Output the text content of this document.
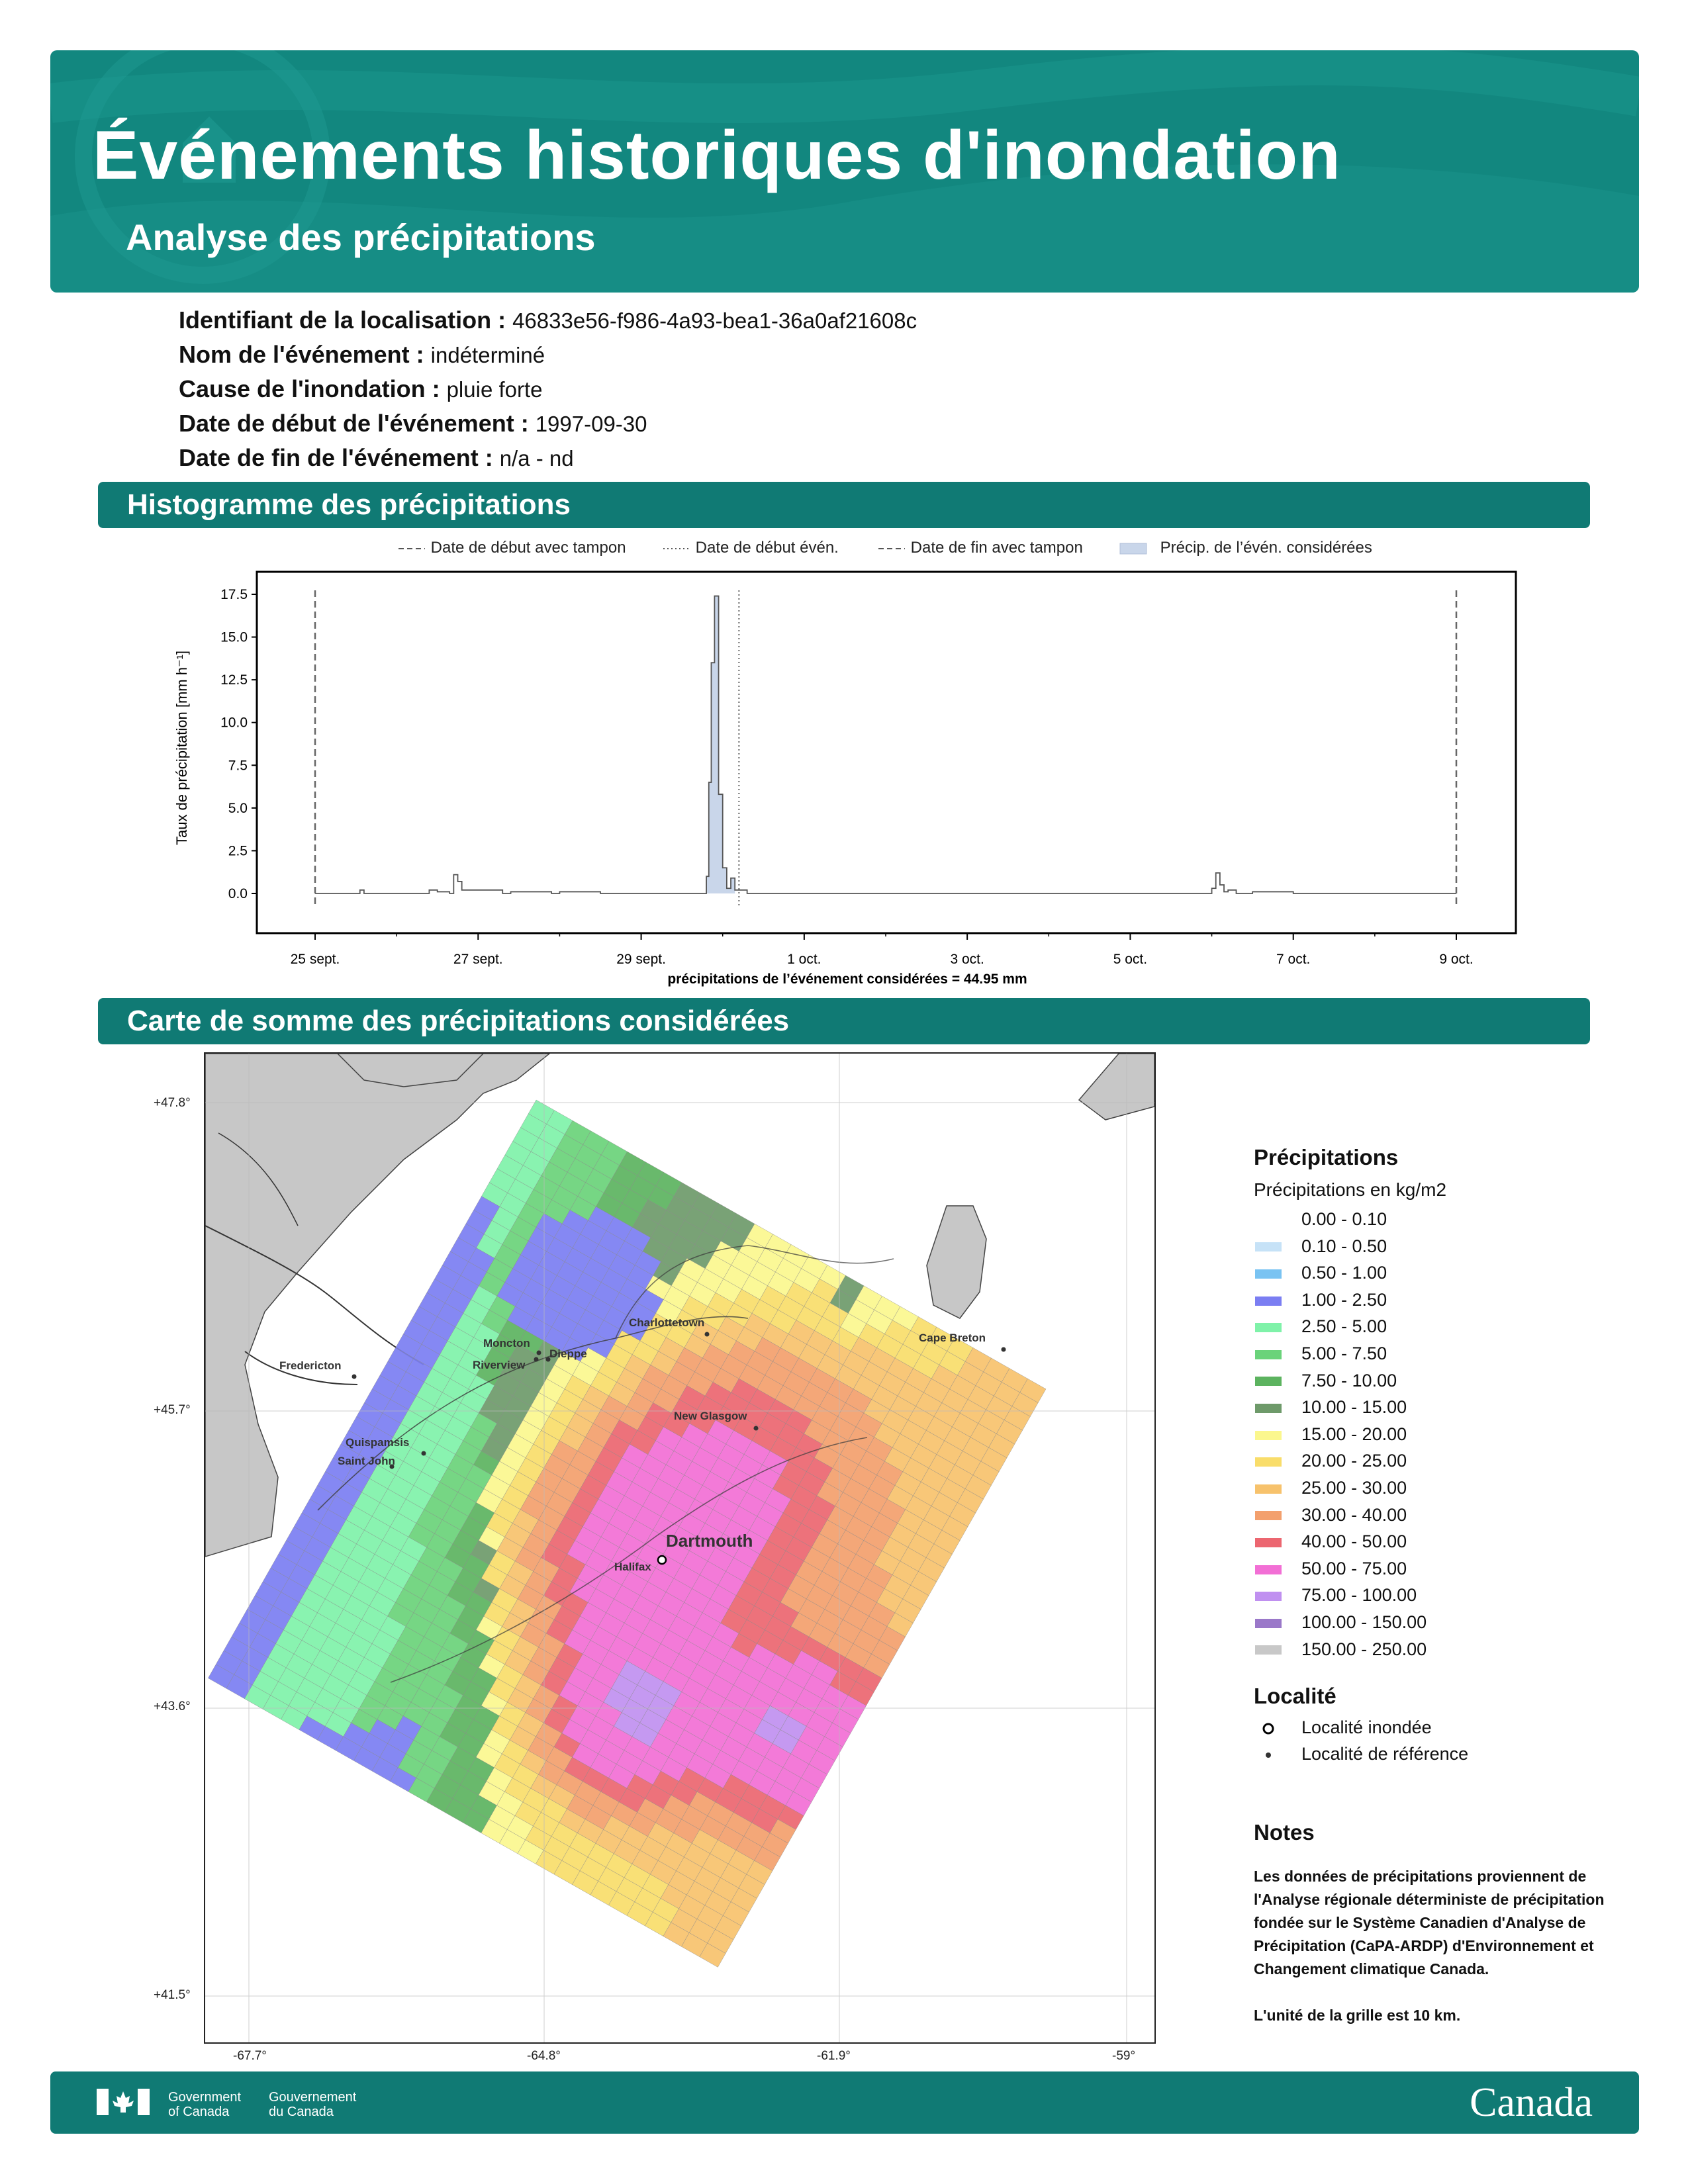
Événements historiques d'inondation
Analyse des précipitations
Identifiant de la localisation : 46833e56-f986-4a93-bea1-36a0af21608c
Nom de l'événement : indéterminé
Cause de l'inondation : pluie forte
Date de début de l'événement : 1997-09-30
Date de fin de l'événement : n/a - nd
Histogramme des précipitations
Date de début avec tampon	Date de début évén.	Date de fin avec tampon	Précip. de l’évén. considérées
0.0
2.5
5.0
7.5
10.0
12.5
15.0
17.5
25 sept.	27 sept.	29 sept.	1 oct.	3 oct.	5 oct.	7 oct.	9 oct.
Taux de précipitation [mm h⁻¹]
précipitations de l’événement considérées = 44.95 mm
Carte de somme des précipitations considérées
Fredericton
Moncton
Dieppe
Riverview
Charlottetown
Cape Breton
New Glasgow
Quispamsis
Saint John
Dartmouth
Halifax
+47.8°
+45.7°
+43.6°
+41.5°
-67.7°	-64.8°	-61.9°	-59°
Précipitations
Précipitations en kg/m2
0.00 - 0.10
0.10 - 0.50
0.50 - 1.00
1.00 - 2.50
2.50 - 5.00
5.00 - 7.50
7.50 - 10.00
10.00 - 15.00
15.00 - 20.00
20.00 - 25.00
25.00 - 30.00
30.00 - 40.00
40.00 - 50.00
50.00 - 75.00
75.00 - 100.00
100.00 - 150.00
150.00 - 250.00
Localité
Localité inondée
Localité de référence
Notes
Les données de précipitations proviennent de l'Analyse régionale déterministe de précipitation fondée sur le Système Canadien d'Analyse de Précipitation (CaPA-ARDP) d'Environnement et Changement climatique Canada.
L'unité de la grille est 10 km.
Government
of Canada
Gouvernement
du Canada	Canada
